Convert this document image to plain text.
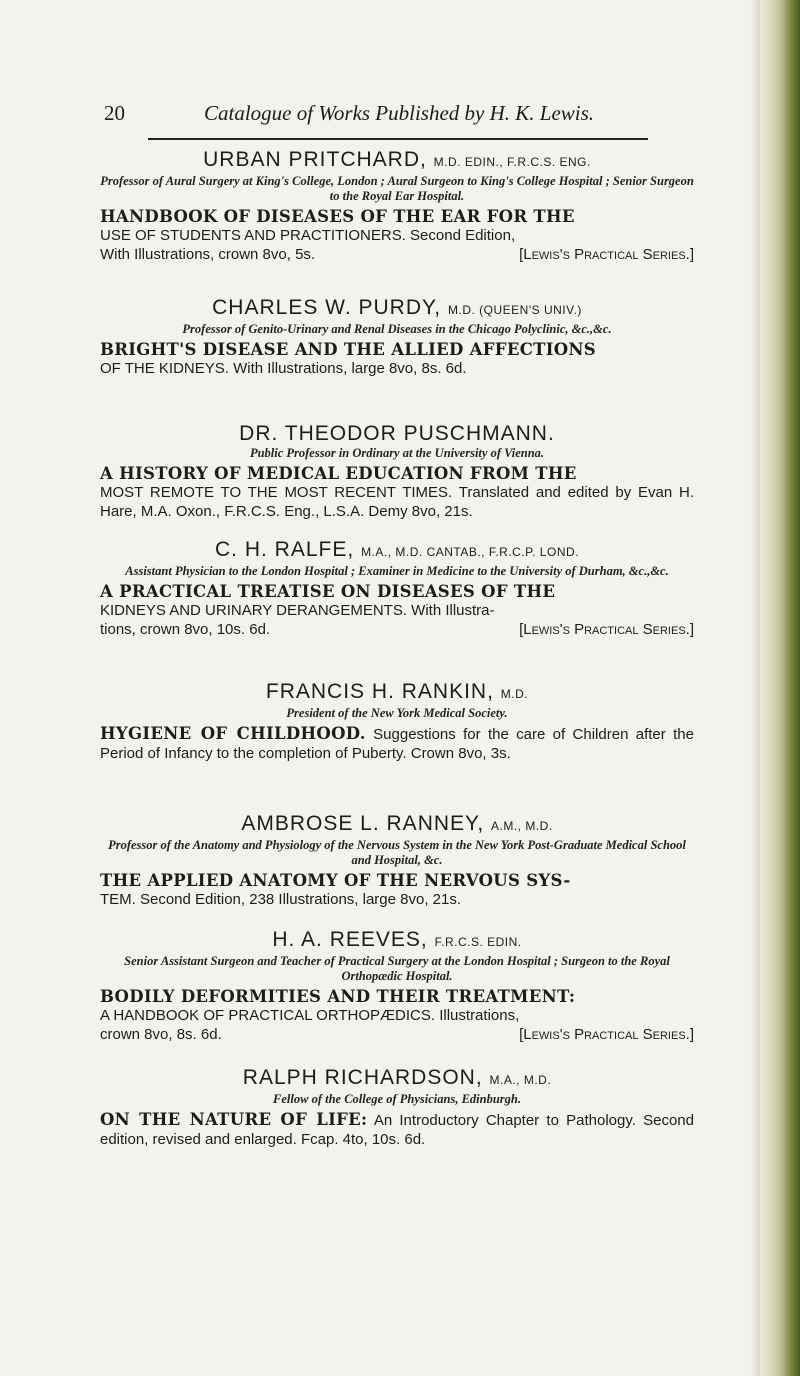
20	Catalogue of Works Published by H. K. Lewis.
URBAN PRITCHARD, M.D. EDIN., F.R.C.S. ENG.
Professor of Aural Surgery at King's College, London ; Aural Surgeon to King's College Hospital ; Senior Surgeon to the Royal Ear Hospital.
HANDBOOK OF DISEASES OF THE EAR FOR THE
USE OF STUDENTS AND PRACTITIONERS. Second Edition,
With Illustrations, crown 8vo, 5s.	[Lewis's Practical Series.]
CHARLES W. PURDY, M.D. (QUEEN'S UNIV.)
Professor of Genito-Urinary and Renal Diseases in the Chicago Polyclinic, &c.,&c.
BRIGHT'S DISEASE AND THE ALLIED AFFECTIONS
OF THE KIDNEYS. With Illustrations, large 8vo, 8s. 6d.
DR. THEODOR PUSCHMANN.
Public Professor in Ordinary at the University of Vienna.
A HISTORY OF MEDICAL EDUCATION FROM THE
MOST REMOTE TO THE MOST RECENT TIMES. Translated and edited by Evan H. Hare, M.A. Oxon., F.R.C.S. Eng., L.S.A. Demy 8vo, 21s.
C. H. RALFE, M.A., M.D. CANTAB., F.R.C.P. LOND.
Assistant Physician to the London Hospital ; Examiner in Medicine to the University of Durham, &c.,&c.
A PRACTICAL TREATISE ON DISEASES OF THE
KIDNEYS AND URINARY DERANGEMENTS. With Illustra-
tions, crown 8vo, 10s. 6d.	[Lewis's Practical Series.]
FRANCIS H. RANKIN, M.D.
President of the New York Medical Society.
HYGIENE OF CHILDHOOD. Suggestions for the care of Children after the Period of Infancy to the completion of Puberty. Crown 8vo, 3s.
AMBROSE L. RANNEY, A.M., M.D.
Professor of the Anatomy and Physiology of the Nervous System in the New York Post-Graduate Medical School and Hospital, &c.
THE APPLIED ANATOMY OF THE NERVOUS SYS-
TEM. Second Edition, 238 Illustrations, large 8vo, 21s.
H. A. REEVES, F.R.C.S. EDIN.
Senior Assistant Surgeon and Teacher of Practical Surgery at the London Hospital ; Surgeon to the Royal Orthopædic Hospital.
BODILY DEFORMITIES AND THEIR TREATMENT:
A HANDBOOK OF PRACTICAL ORTHOPÆDICS. Illustrations,
crown 8vo, 8s. 6d.	[Lewis's Practical Series.]
RALPH RICHARDSON, M.A., M.D.
Fellow of the College of Physicians, Edinburgh.
ON THE NATURE OF LIFE: An Introductory Chapter to Pathology. Second edition, revised and enlarged. Fcap. 4to, 10s. 6d.
